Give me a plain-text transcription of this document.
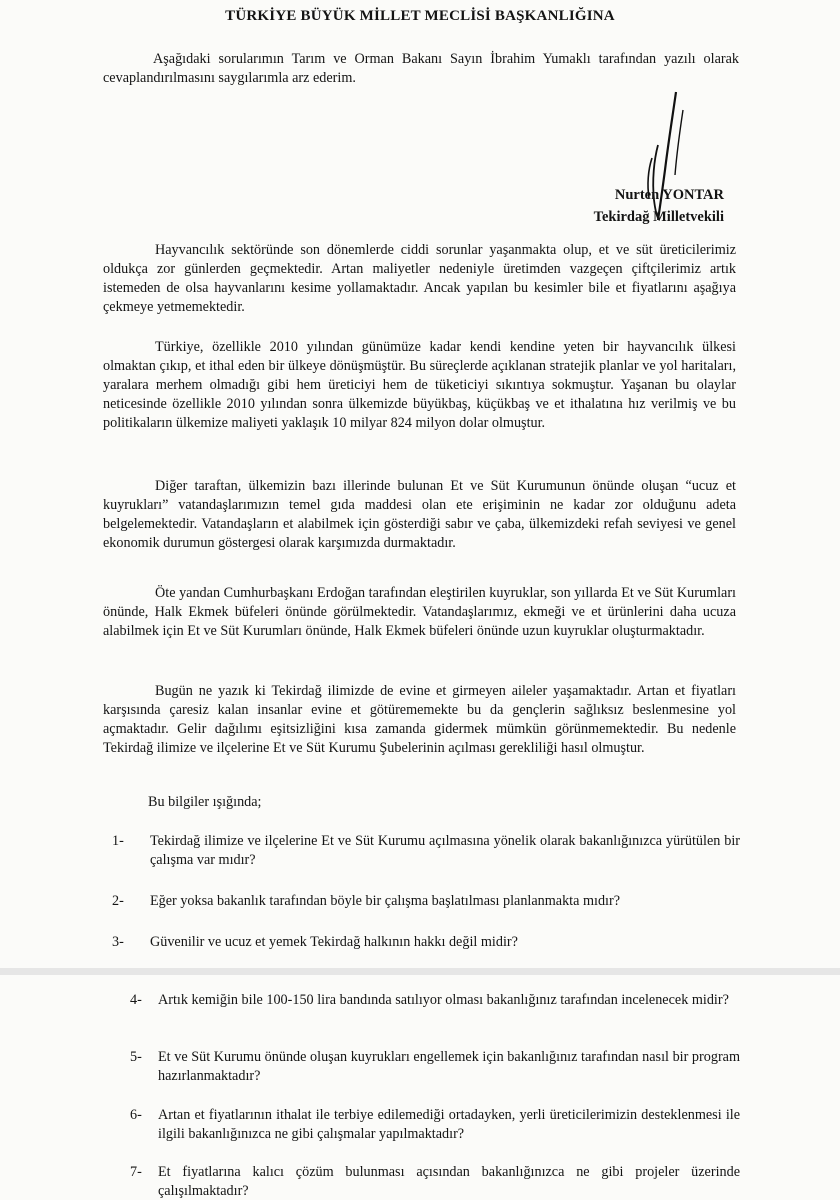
TÜRKİYE BÜYÜK MİLLET MECLİSİ BAŞKANLIĞINA

Aşağıdaki sorularımın Tarım ve Orman Bakanı Sayın İbrahim Yumaklı tarafından yazılı olarak cevaplandırılmasını saygılarımla arz ederim.

Nurten YONTAR
Tekirdağ Milletvekili

Hayvancılık sektöründe son dönemlerde ciddi sorunlar yaşanmakta olup, et ve süt üreticilerimiz oldukça zor günlerden geçmektedir. Artan maliyetler nedeniyle üretimden vazgeçen çiftçilerimiz artık istemeden de olsa hayvanlarını kesime yollamaktadır. Ancak yapılan bu kesimler bile et fiyatlarını aşağıya çekmeye yetmemektedir.

Türkiye, özellikle 2010 yılından günümüze kadar kendi kendine yeten bir hayvancılık ülkesi olmaktan çıkıp, et ithal eden bir ülkeye dönüşmüştür. Bu süreçlerde açıklanan stratejik planlar ve yol haritaları, yaralara merhem olmadığı gibi hem üreticiyi hem de tüketiciyi sıkıntıya sokmuştur. Yaşanan bu olaylar neticesinde özellikle 2010 yılından sonra ülkemizde büyükbaş, küçükbaş ve et ithalatına hız verilmiş ve bu politikaların ülkemize maliyeti yaklaşık 10 milyar 824 milyon dolar olmuştur.

Diğer taraftan, ülkemizin bazı illerinde bulunan Et ve Süt Kurumunun önünde oluşan “ucuz et kuyrukları” vatandaşlarımızın temel gıda maddesi olan ete erişiminin ne kadar zor olduğunu adeta belgelemektedir. Vatandaşların et alabilmek için gösterdiği sabır ve çaba, ülkemizdeki refah seviyesi ve genel ekonomik durumun göstergesi olarak karşımızda durmaktadır.

Öte yandan Cumhurbaşkanı Erdoğan tarafından eleştirilen kuyruklar, son yıllarda Et ve Süt Kurumları önünde, Halk Ekmek büfeleri önünde görülmektedir. Vatandaşlarımız, ekmeği ve et ürünlerini daha ucuza alabilmek için Et ve Süt Kurumları önünde, Halk Ekmek büfeleri önünde uzun kuyruklar oluşturmaktadır.

Bugün ne yazık ki Tekirdağ ilimizde de evine et girmeyen aileler yaşamaktadır. Artan et fiyatları karşısında çaresiz kalan insanlar evine et götürememekte bu da gençlerin sağlıksız beslenmesine yol açmaktadır. Gelir dağılımı eşitsizliğini kısa zamanda gidermek mümkün görünmemektedir. Bu nedenle Tekirdağ ilimize ve ilçelerine Et ve Süt Kurumu Şubelerinin açılması gerekliliği hasıl olmuştur.

Bu bilgiler ışığında;
1-	Tekirdağ ilimize ve ilçelerine Et ve Süt Kurumu açılmasına yönelik olarak bakanlığınızca yürütülen bir çalışma var mıdır?
2-	Eğer yoksa bakanlık tarafından böyle bir çalışma başlatılması planlanmakta mıdır?
3-	Güvenilir ve ucuz et yemek Tekirdağ halkının hakkı değil midir?
4-	Artık kemiğin bile 100-150 lira bandında satılıyor olması bakanlığınız tarafından incelenecek midir?
5-	Et ve Süt Kurumu önünde oluşan kuyrukları engellemek için bakanlığınız tarafından nasıl bir program hazırlanmaktadır?
6-	Artan et fiyatlarının ithalat ile terbiye edilemediği ortadayken, yerli üreticilerimizin desteklenmesi ile ilgili bakanlığınızca ne gibi çalışmalar yapılmaktadır?
7-	Et fiyatlarına kalıcı çözüm bulunması açısından bakanlığınızca ne gibi projeler üzerinde çalışılmaktadır?
